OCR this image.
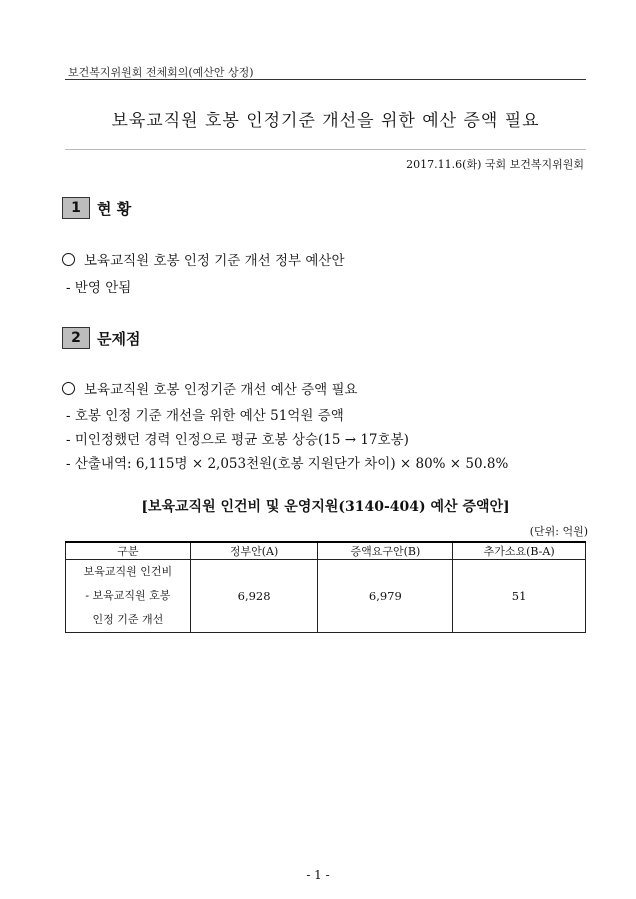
보건복지위원회 전체회의(예산안 상정)
보육교직원 호봉 인정기준 개선을 위한 예산 증액 필요
2017.11.6(화) 국회 보건복지위원회
1	현 황
보육교직원 호봉 인정 기준 개선 정부 예산안
- 반영 안됨
2	문제점
보육교직원 호봉 인정기준 개선 예산 증액 필요
- 호봉 인정 기준 개선을 위한 예산 51억원 증액
- 미인정했던 경력 인정으로 평균 호봉 상승(15 → 17호봉)
- 산출내역: 6,115명 × 2,053천원(호봉 지원단가 차이) × 80% × 50.8%
[보육교직원 인건비 및 운영지원(3140-404) 예산 증액안]
(단위: 억원)
구분	정부안(A)	증액요구안(B)	추가소요(B-A)

보육교직원 인건비
- 보육교직원 호봉
인정 기준 개선	6,928	6,979	51
- 1 -
